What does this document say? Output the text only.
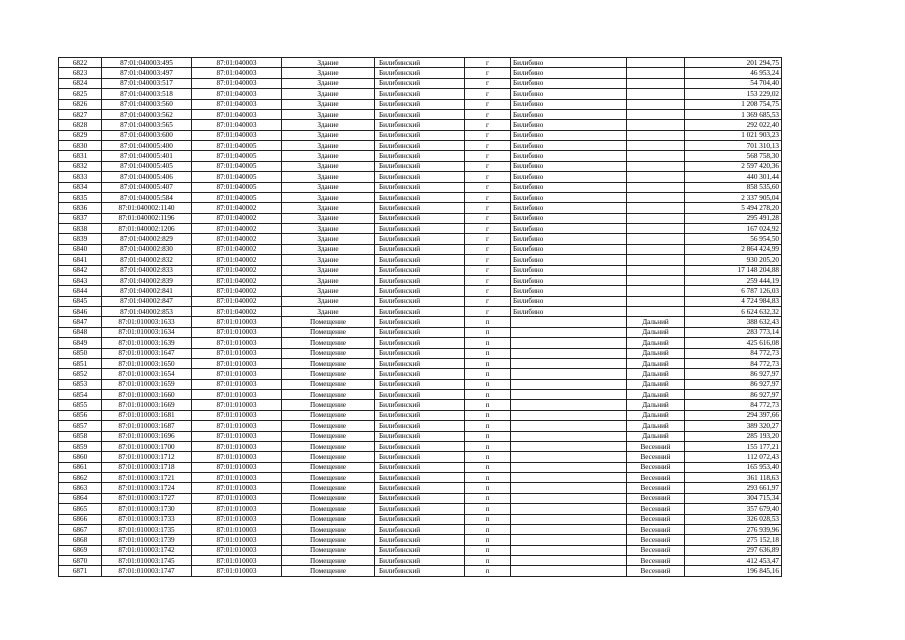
6822	87:01:040003:495	87:01:040003	Здание	Билибинский	г	Билибино		201 294,75
6823	87:01:040003:497	87:01:040003	Здание	Билибинский	г	Билибино		46 953,24
6824	87:01:040003:517	87:01:040003	Здание	Билибинский	г	Билибино		54 704,40
6825	87:01:040003:518	87:01:040003	Здание	Билибинский	г	Билибино		153 229,02
6826	87:01:040003:560	87:01:040003	Здание	Билибинский	г	Билибино		1 208 754,75
6827	87:01:040003:562	87:01:040003	Здание	Билибинский	г	Билибино		1 369 685,53
6828	87:01:040003:565	87:01:040003	Здание	Билибинский	г	Билибино		292 022,40
6829	87:01:040003:600	87:01:040003	Здание	Билибинский	г	Билибино		1 021 903,23
6830	87:01:040005:400	87:01:040005	Здание	Билибинский	г	Билибино		701 310,13
6831	87:01:040005:401	87:01:040005	Здание	Билибинский	г	Билибино		568 758,30
6832	87:01:040005:405	87:01:040005	Здание	Билибинский	г	Билибино		2 597 420,36
6833	87:01:040005:406	87:01:040005	Здание	Билибинский	г	Билибино		440 301,44
6834	87:01:040005:407	87:01:040005	Здание	Билибинский	г	Билибино		858 535,60
6835	87:01:040005:584	87:01:040005	Здание	Билибинский	г	Билибино		2 337 905,04
6836	87:01:040002:1140	87:01:040002	Здание	Билибинский	г	Билибино		5 494 278,20
6837	87:01:040002:1196	87:01:040002	Здание	Билибинский	г	Билибино		295 491,28
6838	87:01:040002:1206	87:01:040002	Здание	Билибинский	г	Билибино		167 024,92
6839	87:01:040002:829	87:01:040002	Здание	Билибинский	г	Билибино		56 954,50
6840	87:01:040002:830	87:01:040002	Здание	Билибинский	г	Билибино		2 864 424,99
6841	87:01:040002:832	87:01:040002	Здание	Билибинский	г	Билибино		930 205,20
6842	87:01:040002:833	87:01:040002	Здание	Билибинский	г	Билибино		17 148 204,88
6843	87:01:040002:839	87:01:040002	Здание	Билибинский	г	Билибино		259 444,19
6844	87:01:040002:841	87:01:040002	Здание	Билибинский	г	Билибино		6 787 126,03
6845	87:01:040002:847	87:01:040002	Здание	Билибинский	г	Билибино		4 724 984,83
6846	87:01:040002:853	87:01:040002	Здание	Билибинский	г	Билибино		6 624 632,32
6847	87:01:010003:1633	87:01:010003	Помещение	Билибинский	п		Дальний	388 632,43
6848	87:01:010003:1634	87:01:010003	Помещение	Билибинский	п		Дальний	283 773,14
6849	87:01:010003:1639	87:01:010003	Помещение	Билибинский	п		Дальний	425 616,08
6850	87:01:010003:1647	87:01:010003	Помещение	Билибинский	п		Дальний	84 772,73
6851	87:01:010003:1650	87:01:010003	Помещение	Билибинский	п		Дальний	84 772,73
6852	87:01:010003:1654	87:01:010003	Помещение	Билибинский	п		Дальний	86 927,97
6853	87:01:010003:1659	87:01:010003	Помещение	Билибинский	п		Дальний	86 927,97
6854	87:01:010003:1660	87:01:010003	Помещение	Билибинский	п		Дальний	86 927,97
6855	87:01:010003:1669	87:01:010003	Помещение	Билибинский	п		Дальний	84 772,73
6856	87:01:010003:1681	87:01:010003	Помещение	Билибинский	п		Дальний	294 397,66
6857	87:01:010003:1687	87:01:010003	Помещение	Билибинский	п		Дальний	389 320,27
6858	87:01:010003:1696	87:01:010003	Помещение	Билибинский	п		Дальний	285 193,20
6859	87:01:010003:1700	87:01:010003	Помещение	Билибинский	п		Весенний	155 177,21
6860	87:01:010003:1712	87:01:010003	Помещение	Билибинский	п		Весенний	112 072,43
6861	87:01:010003:1718	87:01:010003	Помещение	Билибинский	п		Весенний	165 953,40
6862	87:01:010003:1721	87:01:010003	Помещение	Билибинский	п		Весенний	361 118,63
6863	87:01:010003:1724	87:01:010003	Помещение	Билибинский	п		Весенний	293 661,97
6864	87:01:010003:1727	87:01:010003	Помещение	Билибинский	п		Весенний	304 715,34
6865	87:01:010003:1730	87:01:010003	Помещение	Билибинский	п		Весенний	357 679,40
6866	87:01:010003:1733	87:01:010003	Помещение	Билибинский	п		Весенний	326 028,53
6867	87:01:010003:1735	87:01:010003	Помещение	Билибинский	п		Весенний	276 939,96
6868	87:01:010003:1739	87:01:010003	Помещение	Билибинский	п		Весенний	275 152,18
6869	87:01:010003:1742	87:01:010003	Помещение	Билибинский	п		Весенний	297 636,89
6870	87:01:010003:1745	87:01:010003	Помещение	Билибинский	п		Весенний	412 453,47
6871	87:01:010003:1747	87:01:010003	Помещение	Билибинский	п		Весенний	196 845,16
